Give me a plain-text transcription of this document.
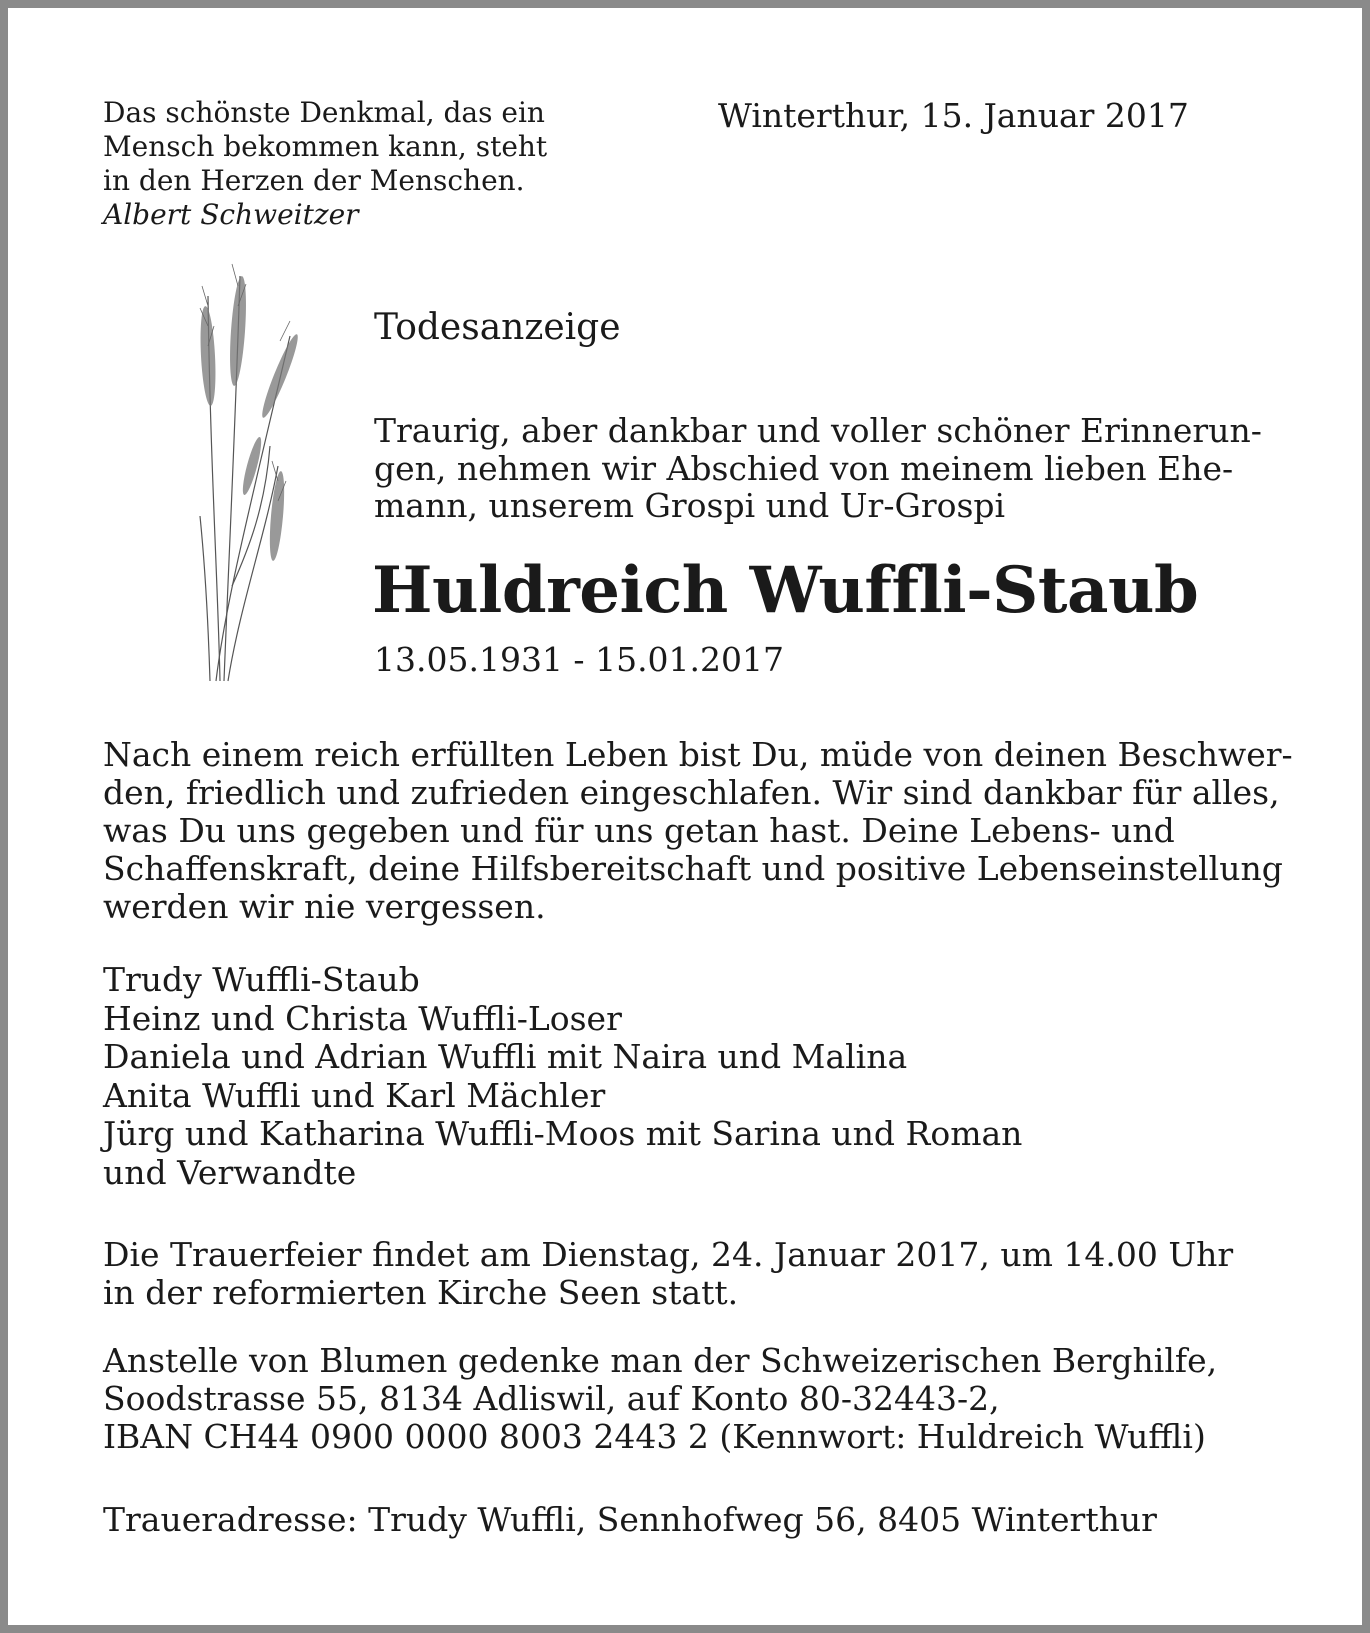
Das schönste Denkmal, das ein
Mensch bekommen kann, steht
in den Herzen der Menschen.
Albert Schweitzer
Winterthur, 15. Januar 2017
Todesanzeige
Traurig, aber dankbar und voller schöner Erinnerun-
gen, nehmen wir Abschied von meinem lieben Ehe-
mann, unserem Grospi und Ur-Grospi
Huldreich Wuffli-Staub
13.05.1931 - 15.01.2017
Nach einem reich erfüllten Leben bist Du, müde von deinen Beschwer-
den, friedlich und zufrieden eingeschlafen. Wir sind dankbar für alles,
was Du uns gegeben und für uns getan hast. Deine Lebens- und
Schaffenskraft, deine Hilfsbereitschaft und positive Lebenseinstellung
werden wir nie vergessen.
Trudy Wuffli-Staub
Heinz und Christa Wuffli-Loser
Daniela und Adrian Wuffli mit Naira und Malina
Anita Wuffli und Karl Mächler
Jürg und Katharina Wuffli-Moos mit Sarina und Roman
und Verwandte
Die Trauerfeier findet am Dienstag, 24. Januar 2017, um 14.00 Uhr
in der reformierten Kirche Seen statt.
Anstelle von Blumen gedenke man der Schweizerischen Berghilfe,
Soodstrasse 55, 8134 Adliswil, auf Konto 80-32443-2,
IBAN CH44 0900 0000 8003 2443 2 (Kennwort: Huldreich Wuffli)
Traueradresse: Trudy Wuffli, Sennhofweg 56, 8405 Winterthur
